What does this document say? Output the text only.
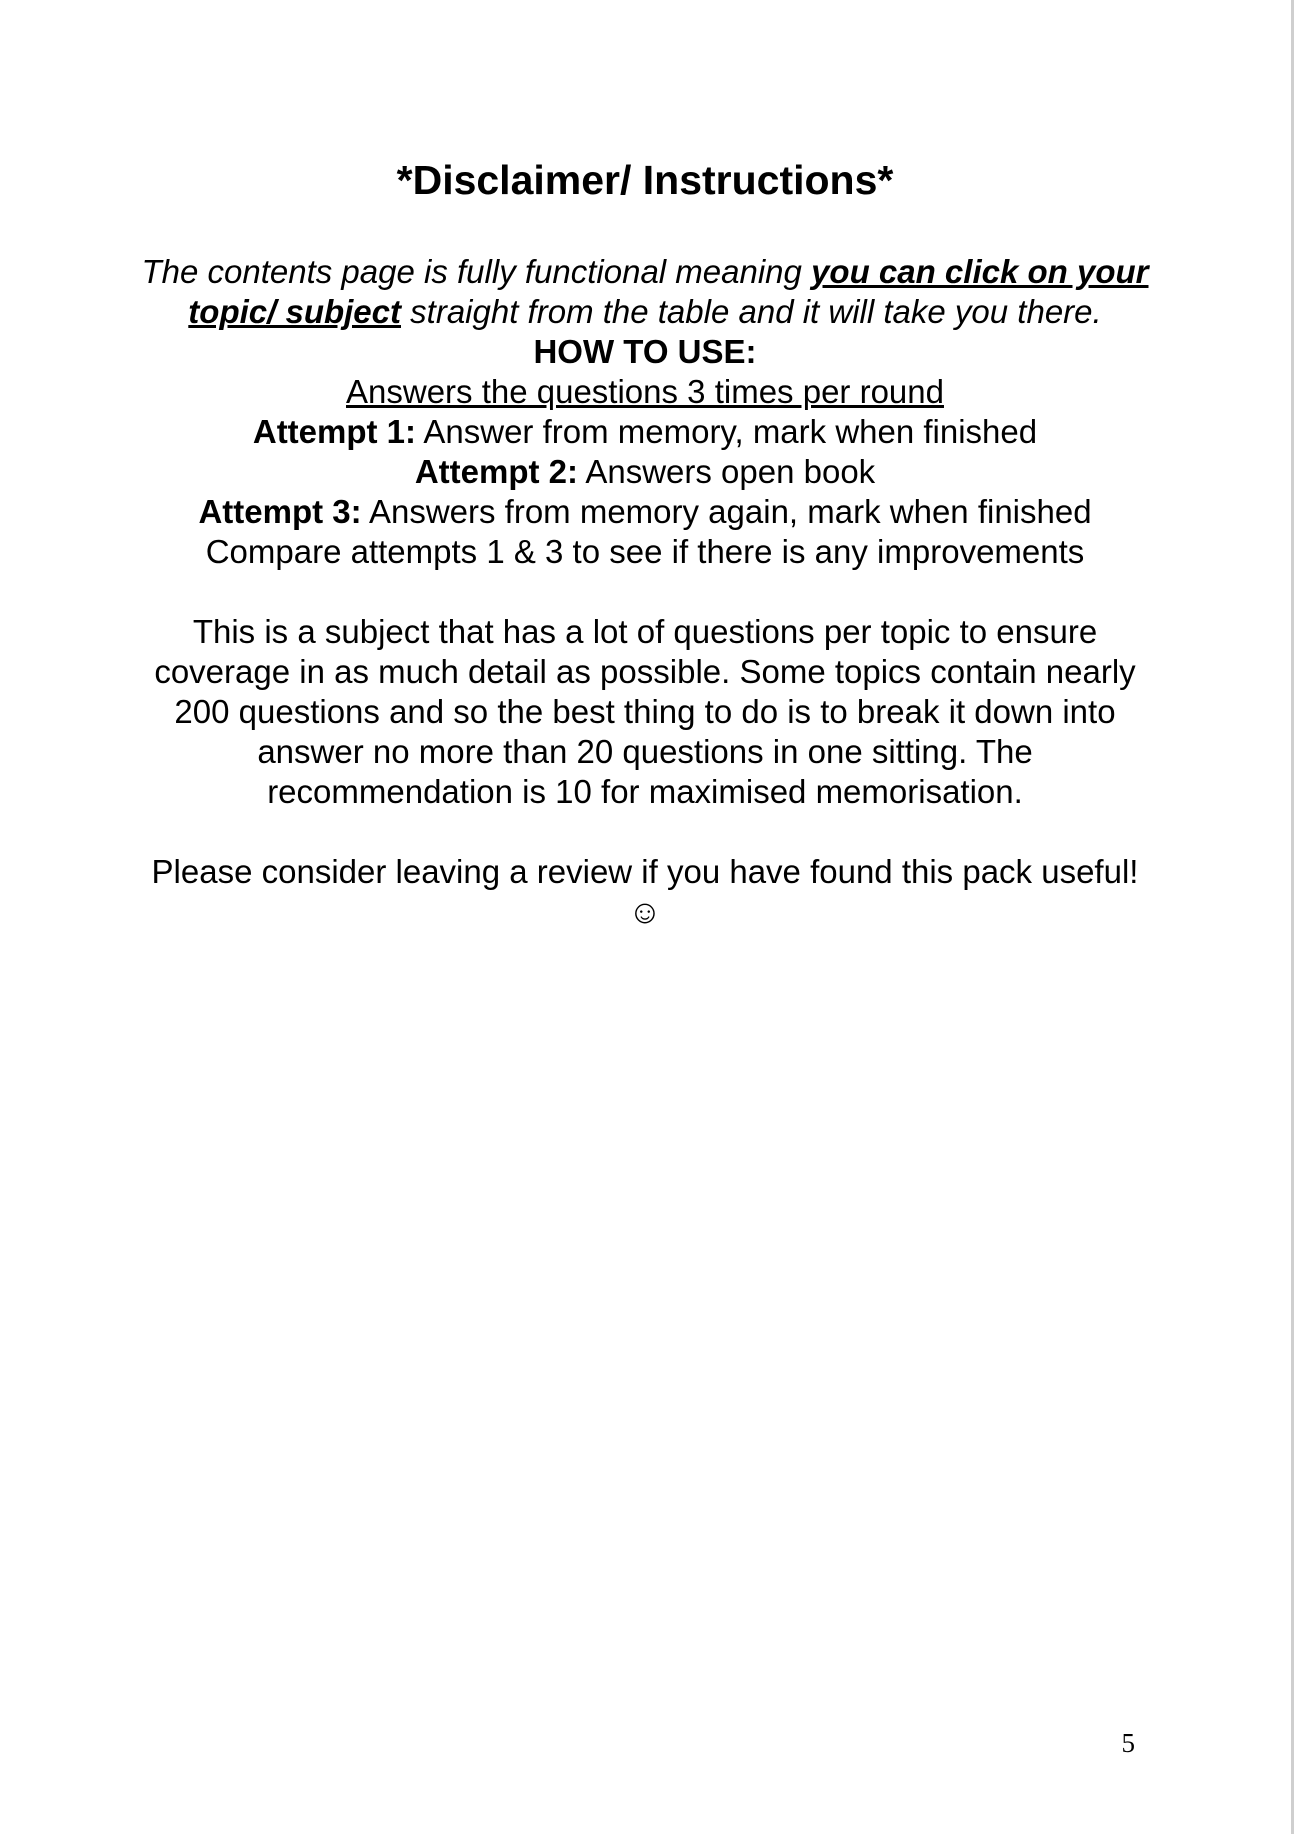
*Disclaimer/ Instructions*

The contents page is fully functional meaning you can click on your topic/ subject straight from the table and it will take you there.

HOW TO USE:

Answers the questions 3 times per round

Attempt 1: Answer from memory, mark when finished

Attempt 2: Answers open book

Attempt 3: Answers from memory again, mark when finished

Compare attempts 1 & 3 to see if there is any improvements

This is a subject that has a lot of questions per topic to ensure coverage in as much detail as possible. Some topics contain nearly 200 questions and so the best thing to do is to break it down into answer no more than 20 questions in one sitting. The recommendation is 10 for maximised memorisation.

Please consider leaving a review if you have found this pack useful! ☺

5
